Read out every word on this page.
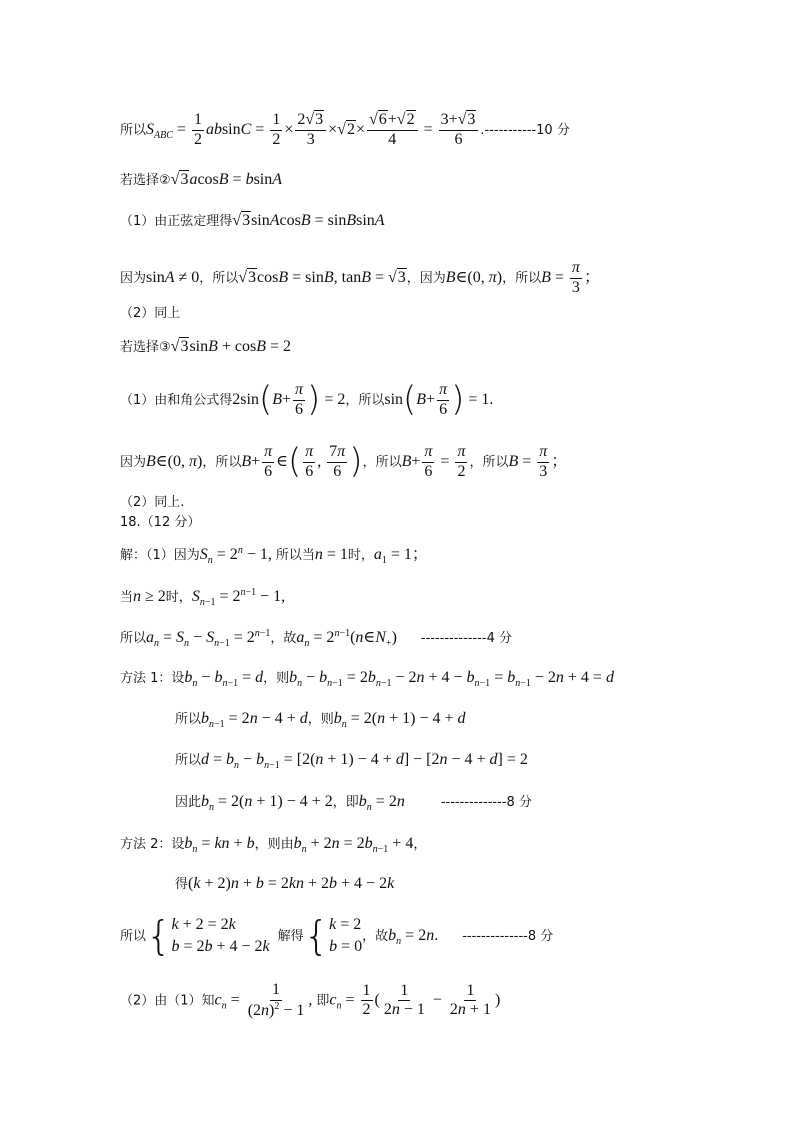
所以$S_{ABC} = \frac{1}{2}$ $absinC = \frac{1}{2} \times \frac{2 √ 3}{3}$ × √ 2× √ $\frac{6+ √ 2}{4} = \frac{3+ √ 3}{6} .-----------10$ 分
若选择② √ 3acosB = bsinA
（1）由正弦定理得 √ 3sinAcosB = sinBsinA
因为sinA ≠ 0，所以 √ 3cosB = sinB, tanB = √ 3，因为B∈(0, π)，所以$B = \frac{\pi}{3}$ ；
（2）同上
若选择③ √ 3sinB + cosB = 2
（1）由和角公式得$2\sin(B+ \frac{\pi}{6}$ ) = 2，所以$\sin(B+ \frac{\pi}{6}$ ) = 1.
因为B∈(0, π)，所以$B+ \frac{\pi}{6}$ ∈( $\frac{\pi}{6}$ , $\frac{7\pi}{6}$ )，所以$B+ \frac{\pi}{6} = \frac{\pi}{2}$ ，所以$B = \frac{\pi}{3}$ ；
（2）同上.
18.（12 分）
解：（1）因为$S_n = 2^n - 1$, 所以当n = 1时，$a_1 = 1$；
当n ≥ 2时，$S_{n-1} = 2^{n-1} - 1$,
所以$a_n = S_n - S_{n-1} = 2^{n-1}$，故$a_n$ = $2^{n-1}(n\in N_+)$      --------------4 分
方法 1：设$b_n - b_{n-1} = d$，则$b_n - b_{n-1} = 2b_{n-1} - 2n + 4 - b_{n-1} = b_{n-1} - 2n + 4 = d$
所以$b_{n-1} = 2n - 4 + d$，则$b_n = 2(n + 1) - 4 + d$
所以$d = b_n - b_{n-1} = [2(n + 1) - 4 + d] - [2n - 4 + d] = 2$
因此$b_n = 2(n + 1) - 4 + 2$，即$b_n = 2n$	--------------8 分
方法 2：设$b_n$ = kn + b，则由$b_n + 2n = 2b_{n-1} + 4$，
得(k + 2)n + b = 2kn + 2b + 4 − 2k
所以{ k + 2 = 2k
b = 2b + 4 − 2k
解得{ k = 2
b = 0
，故$b_n = 2n$.      --------------8 分
（2）由（1）知$c_n = \frac{1}{(2n)^2 - 1}$ , 即$c_n = \frac{1}{2}$ ( $\frac{1}{2n - 1} - \frac{1}{2n + 1}$ )
